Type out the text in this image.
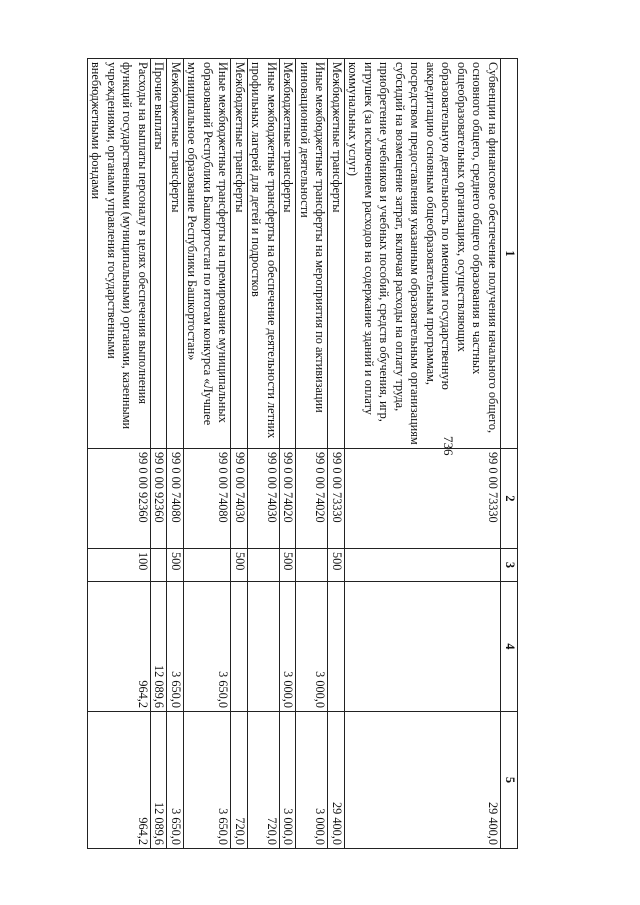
736
1	2	3	4	5
Субвенции на финансовое обеспечение получения начального общего, основного общего, среднего общего образования в частных общеобразовательных организациях, осуществляющих образовательную деятельность по имеющим государственную аккредитацию основным общеобразовательным программам, посредством предоставления указанным образовательным организациям субсидий на возмещение затрат, включая расходы на оплату труда, приобретение учебников и учебных пособий, средств обучения, игр, игрушек (за исключением расходов на содержание зданий и оплату коммунальных услуг)	99 0 00 73330			29 400,0
Межбюджетные трансферты	99 0 00 73330	500		29 400,0
Иные межбюджетные трансферты на мероприятия по активизации инновационной деятельности	99 0 00 74020		3 000,0	3 000,0
Межбюджетные трансферты	99 0 00 74020	500	3 000,0	3 000,0
Иные межбюджетные трансферты на обеспечение деятельности летних профильных лагерей для детей и подростков	99 0 00 74030			720,0
Межбюджетные трансферты	99 0 00 74030	500		720,0
Иные межбюджетные трансферты на премирование муниципальных образований Республики Башкортостан по итогам конкурса «Лучшее муниципальное образование Республики Башкортостан»	99 0 00 74080		3 650,0	3 650,0
Межбюджетные трансферты	99 0 00 74080	500	3 650,0	3 650,0
Прочие выплаты	99 0 00 92360		12 089,6	12 089,6
Расходы на выплаты персоналу в целях обеспечения выполнения функций государственными (муниципальными) органами, казенными учреждениями, органами управления государственными внебюджетными фондами	99 0 00 92360	100	964,2	964,2
